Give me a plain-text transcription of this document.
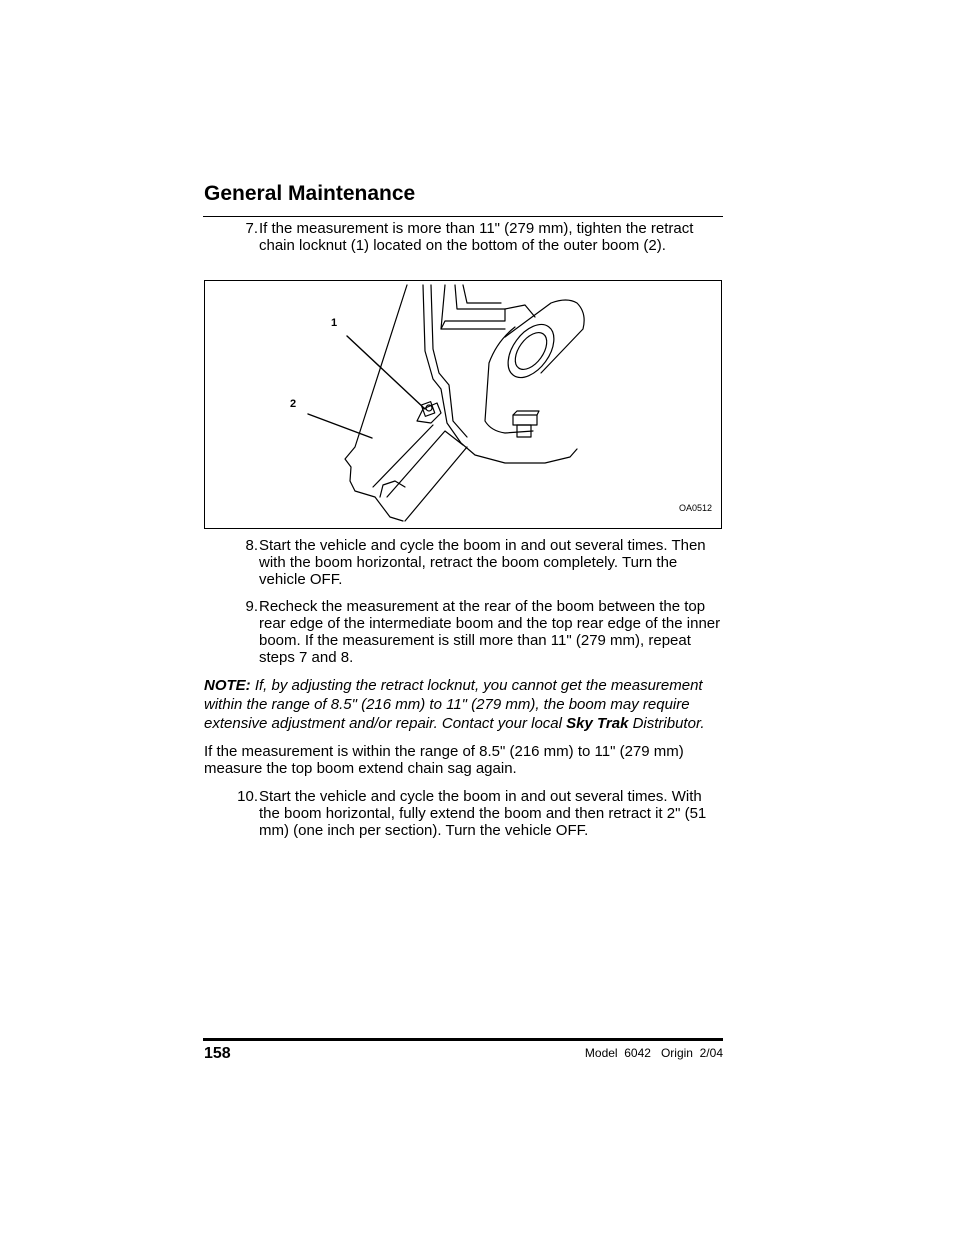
General Maintenance
7. If the measurement is more than 11" (279 mm), tighten the retract chain locknut (1) located on the bottom of the outer boom (2).
1
2
OA0512
8. Start the vehicle and cycle the boom in and out several times. Then with the boom horizontal, retract the boom completely. Turn the vehicle OFF.
9. Recheck the measurement at the rear of the boom between the top rear edge of the intermediate boom and the top rear edge of the inner boom. If the measurement is still more than 11" (279 mm), repeat steps 7 and 8.
NOTE: If, by adjusting the retract locknut, you cannot get the measurement within the range of 8.5" (216 mm) to 11" (279 mm), the boom may require extensive adjustment and/or repair. Contact your local Sky Trak Distributor.
If the measurement is within the range of 8.5" (216 mm) to 11" (279 mm) measure the top boom extend chain sag again.
10. Start the vehicle and cycle the boom in and out several times. With the boom horizontal, fully extend the boom and then retract it 2" (51 mm) (one inch per section). Turn the vehicle OFF.
158	Model  6042   Origin  2/04
